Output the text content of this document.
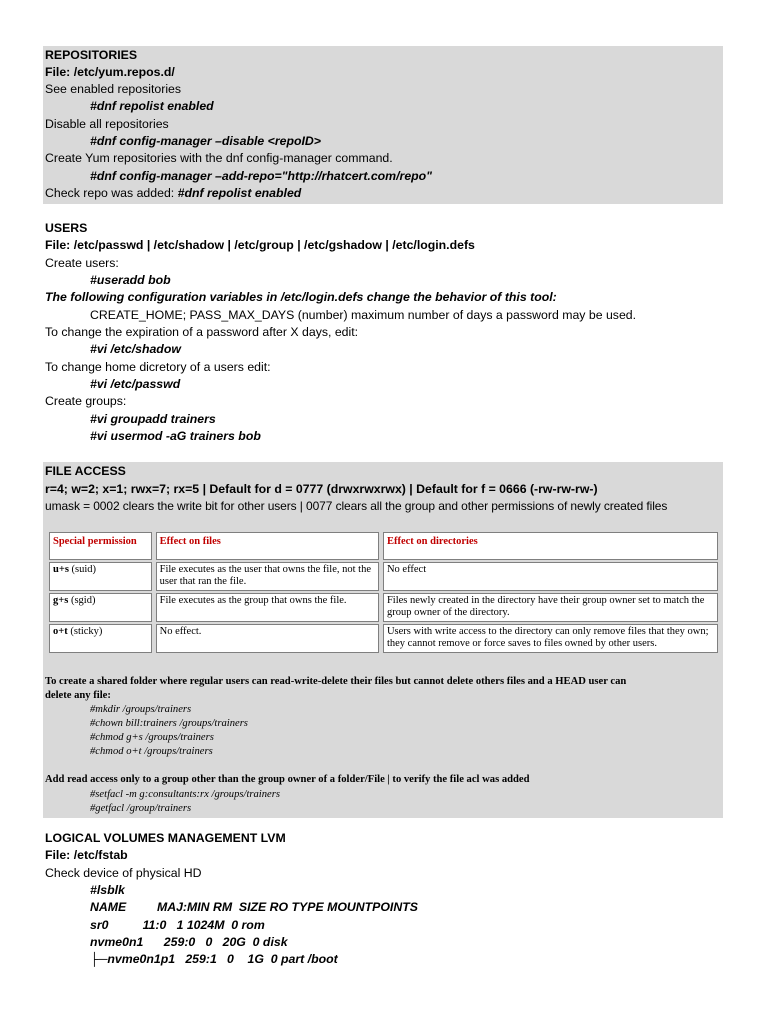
REPOSITORIES
File: /etc/yum.repos.d/
See enabled repositories
#dnf repolist enabled
Disable all repositories
#dnf config-manager –disable <repoID>
Create Yum repositories with the dnf config-manager command.
#dnf config-manager –add-repo="http://rhatcert.com/repo"
Check repo was added: #dnf repolist enabled
USERS
File: /etc/passwd | /etc/shadow | /etc/group | /etc/gshadow | /etc/login.defs
Create users:
#useradd bob
The following configuration variables in /etc/login.defs change the behavior of this tool:
CREATE_HOME; PASS_MAX_DAYS (number) maximum number of days a password may be used.
To change the expiration of a password after X days, edit:
#vi /etc/shadow
To change home dicretory of a users edit:
#vi /etc/passwd
Create groups:
#vi groupadd trainers
#vi usermod -aG trainers bob
FILE ACCESS
r=4; w=2; x=1; rwx=7; rx=5 | Default for d = 0777 (drwxrwxrwx) | Default for f = 0666 (-rw-rw-rw-)
umask = 0002 clears the write bit for other users | 0077 clears all the group and other permissions of newly created files
Special permission	Effect on files	Effect on directories
u+s (suid)	File executes as the user that owns the file, not the user that ran the file.	No effect
g+s (sgid)	File executes as the group that owns the file.	Files newly created in the directory have their group owner set to match the group owner of the directory.
o+t (sticky)	No effect.	Users with write access to the directory can only remove files that they own; they cannot remove or force saves to files owned by other users.
To create a shared folder where regular users can read-write-delete their files but cannot delete others files and a HEAD user can
delete any file:
#mkdir /groups/trainers
#chown bill:trainers /groups/trainers
#chmod g+s /groups/trainers
#chmod o+t /groups/trainers
Add read access only to a group other than the group owner of a folder/File | to verify the file acl was added
#setfacl -m g:consultants:rx /groups/trainers
#getfacl /group/trainers
LOGICAL VOLUMES MANAGEMENT LVM
File: /etc/fstab
Check device of physical HD
#lsblk
NAME         MAJ:MIN RM  SIZE RO TYPE MOUNTPOINTS
sr0          11:0   1 1024M  0 rom
nvme0n1      259:0   0   20G  0 disk
├─nvme0n1p1   259:1   0    1G  0 part /boot
